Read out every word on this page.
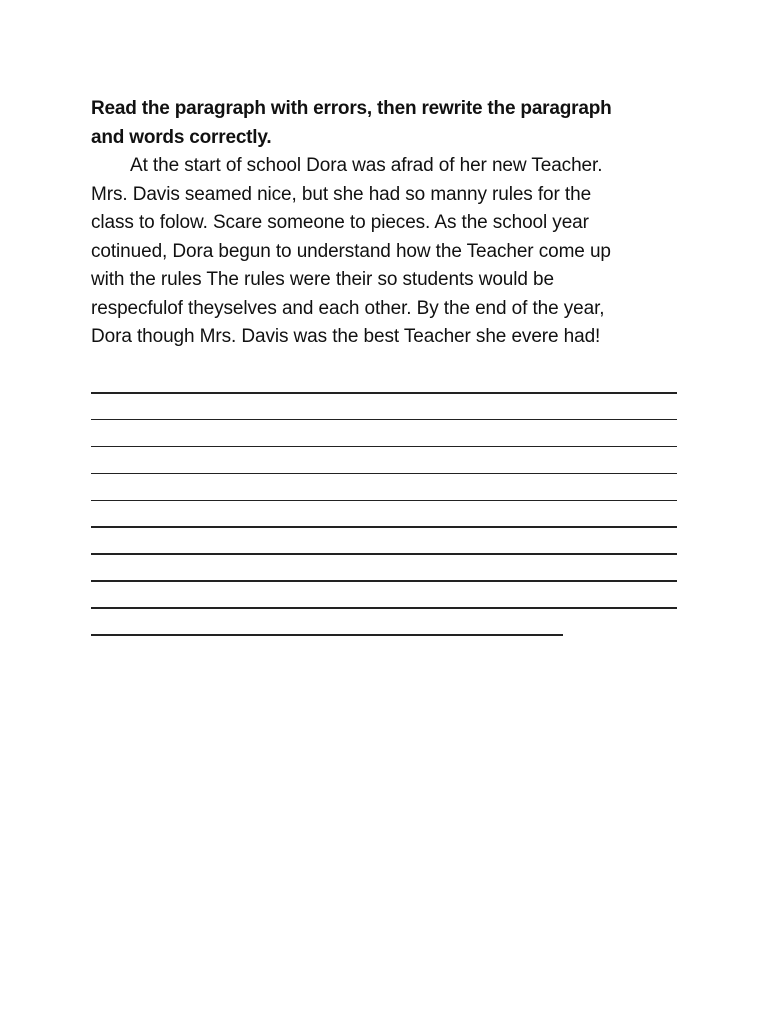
Read the paragraph with errors, then rewrite the paragraph
and words correctly.

At the start of school Dora was afrad of her new Teacher.
Mrs. Davis seamed nice, but she had so manny rules for the
class to folow. Scare someone to pieces. As the school year
cotinued, Dora begun to understand how the Teacher come up
with the rules The rules were their so students would be
respecfulof theyselves and each other. By the end of the year,
Dora though Mrs. Davis was the best Teacher she evere had!
